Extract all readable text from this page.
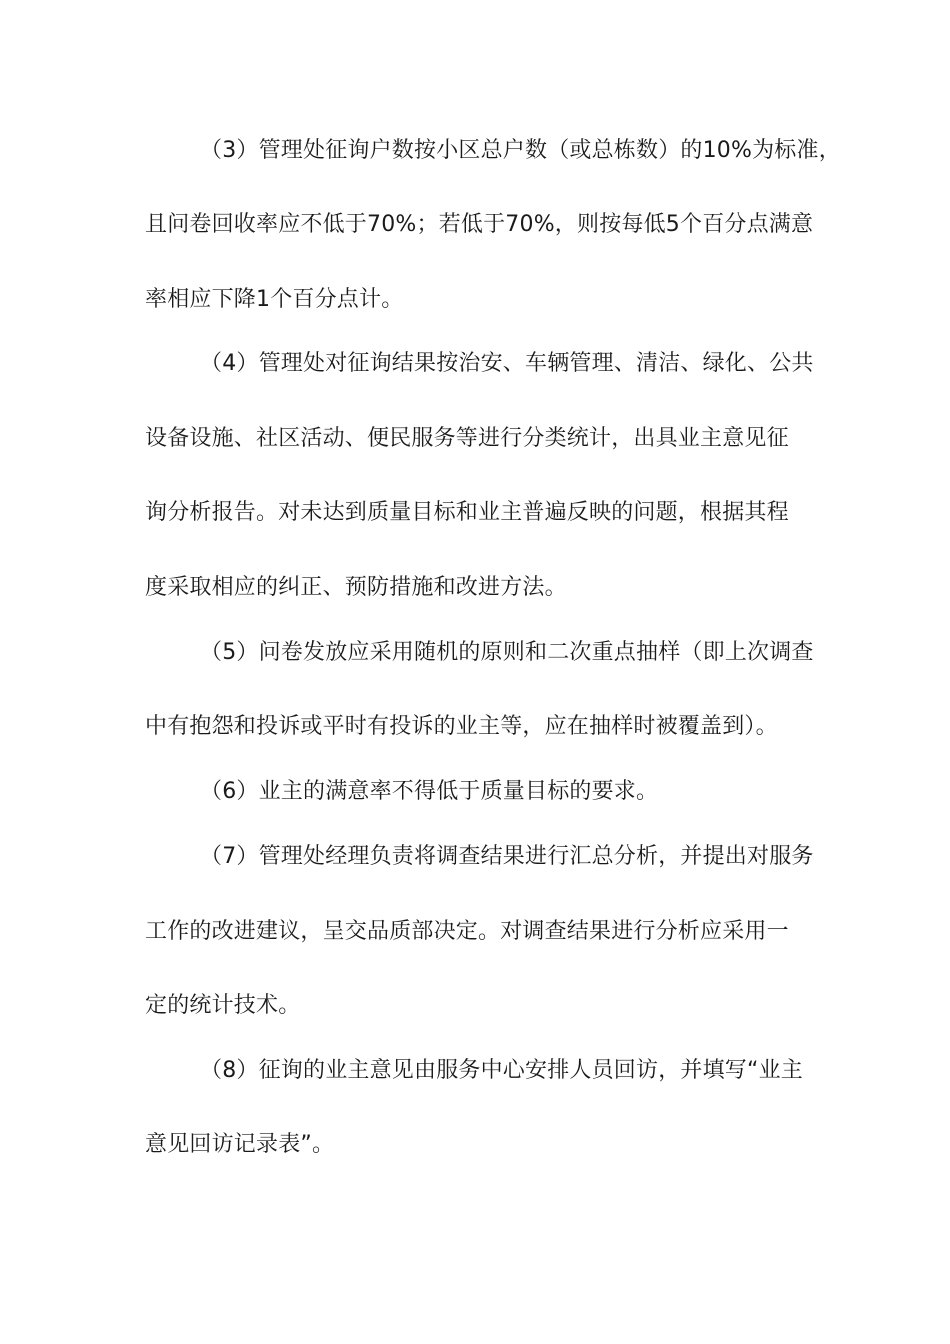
（3）管理处征询户数按小区总户数（或总栋数）的10%为标准，
且问卷回收率应不低于70%；若低于70%，则按每低5个百分点满意
率相应下降1个百分点计。
（4）管理处对征询结果按治安、车辆管理、清洁、绿化、公共
设备设施、社区活动、便民服务等进行分类统计，出具业主意见征
询分析报告。对未达到质量目标和业主普遍反映的问题，根据其程
度采取相应的纠正、预防措施和改进方法。
（5）问卷发放应采用随机的原则和二次重点抽样（即上次调查
中有抱怨和投诉或平时有投诉的业主等，应在抽样时被覆盖到）。
（6）业主的满意率不得低于质量目标的要求。
（7）管理处经理负责将调查结果进行汇总分析，并提出对服务
工作的改进建议，呈交品质部决定。对调查结果进行分析应采用一
定的统计技术。
（8）征询的业主意见由服务中心安排人员回访，并填写“业主
意见回访记录表”。
